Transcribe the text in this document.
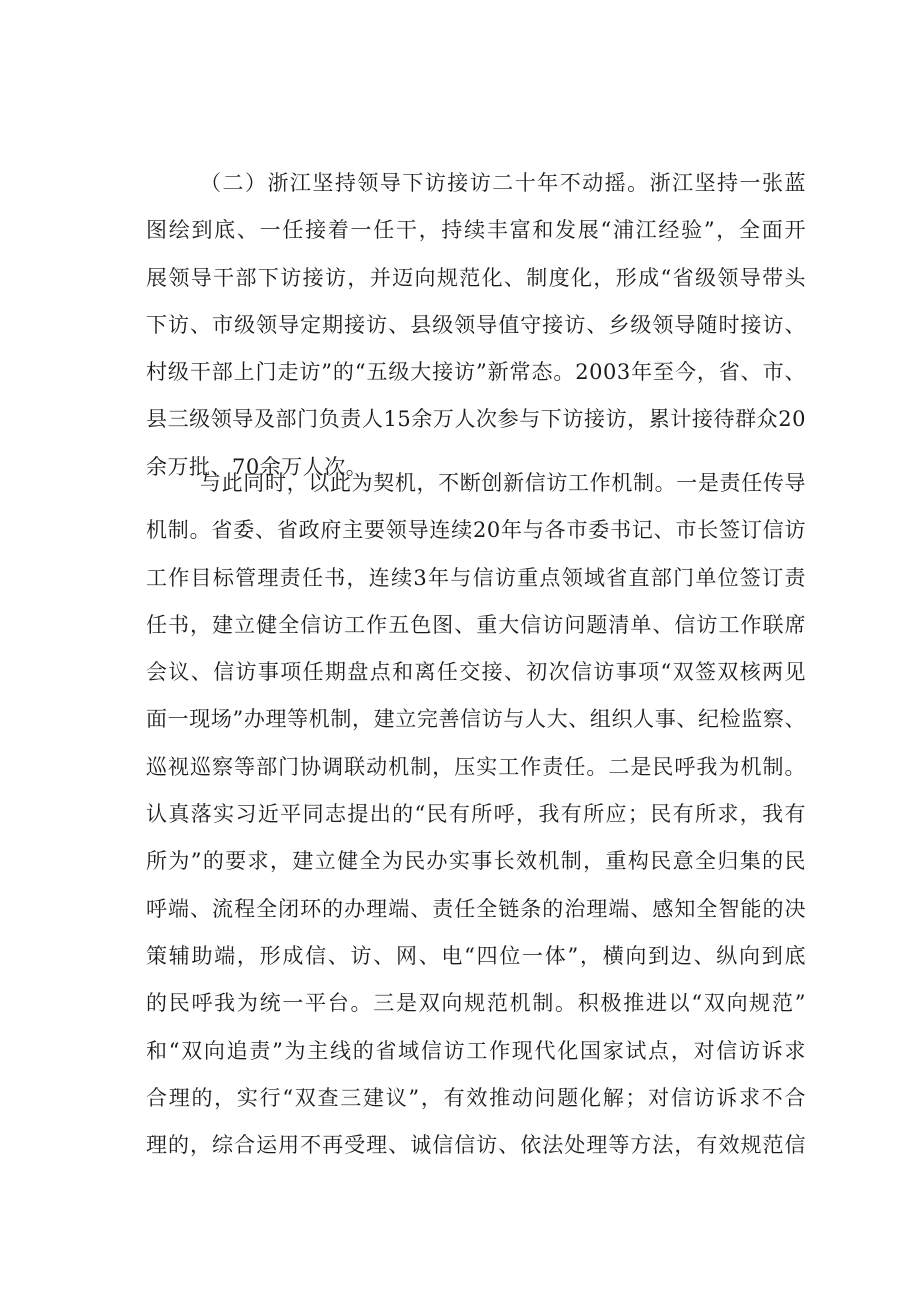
（二）浙江坚持领导下访接访二十年不动摇。浙江坚持一张蓝
图绘到底、一任接着一任干，持续丰富和发展“浦江经验”，全面开
展领导干部下访接访，并迈向规范化、制度化，形成“省级领导带头
下访、市级领导定期接访、县级领导值守接访、乡级领导随时接访、
村级干部上门走访”的“五级大接访”新常态。2003年至今，省、市、
县三级领导及部门负责人15余万人次参与下访接访，累计接待群众20
余万批、70余万人次。
与此同时，以此为契机，不断创新信访工作机制。一是责任传导
机制。省委、省政府主要领导连续20年与各市委书记、市长签订信访
工作目标管理责任书，连续3年与信访重点领域省直部门单位签订责
任书，建立健全信访工作五色图、重大信访问题清单、信访工作联席
会议、信访事项任期盘点和离任交接、初次信访事项“双签双核两见
面一现场”办理等机制，建立完善信访与人大、组织人事、纪检监察、
巡视巡察等部门协调联动机制，压实工作责任。二是民呼我为机制。
认真落实习近平同志提出的“民有所呼，我有所应；民有所求，我有
所为”的要求，建立健全为民办实事长效机制，重构民意全归集的民
呼端、流程全闭环的办理端、责任全链条的治理端、感知全智能的决
策辅助端，形成信、访、网、电“四位一体”，横向到边、纵向到底
的民呼我为统一平台。三是双向规范机制。积极推进以“双向规范”
和“双向追责”为主线的省域信访工作现代化国家试点，对信访诉求
合理的，实行“双查三建议”，有效推动问题化解；对信访诉求不合
理的，综合运用不再受理、诚信信访、依法处理等方法，有效规范信
